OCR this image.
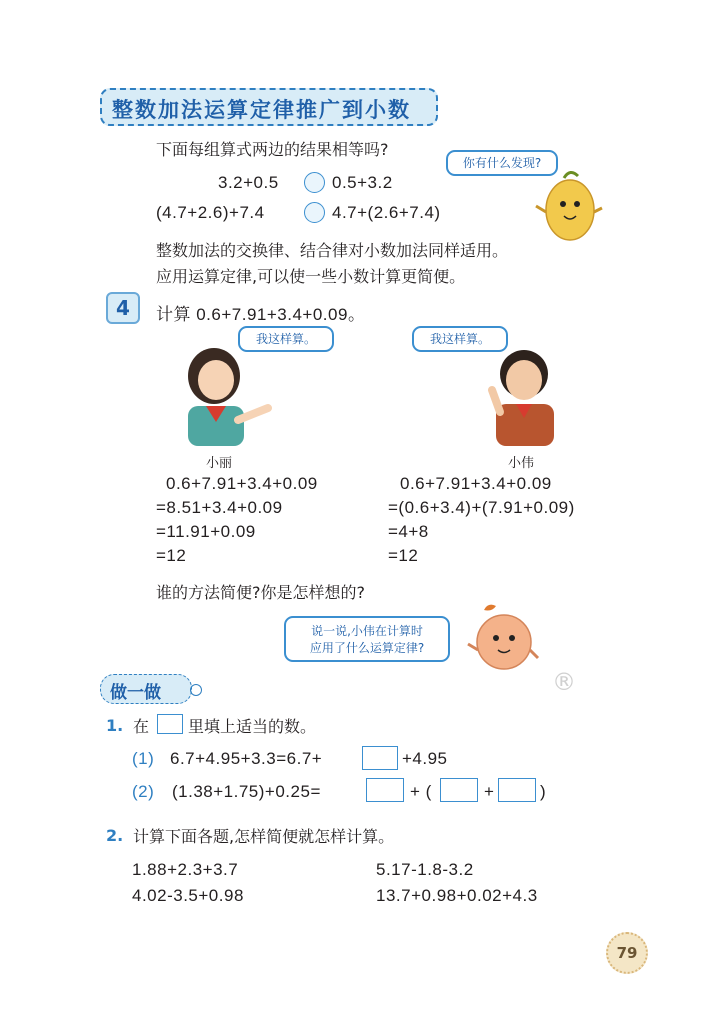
整数加法运算定律推广到小数
下面每组算式两边的结果相等吗?
你有什么发现?
3.2+0.5	0.5+3.2
(4.7+2.6)+7.4	4.7+(2.6+7.4)
整数加法的交换律、结合律对小数加法同样适用。
应用运算定律,可以使一些小数计算更简便。
4	计算 0.6+7.91+3.4+0.09。
我这样算。	我这样算。
小丽	小伟
0.6+7.91+3.4+0.09
=8.51+3.4+0.09
=11.91+0.09
=12
0.6+7.91+3.4+0.09
=(0.6+3.4)+(7.91+0.09)
=4+8
=12
谁的方法简便?你是怎样想的?
说一说,小伟在计算时
应用了什么运算定律?
®
做一做
1. 在 里填上适当的数。
(1) 6.7+4.95+3.3=6.7+	+4.95
(2) (1.38+1.75)+0.25=	+ (	+	)
2. 计算下面各题,怎样简便就怎样计算。
1.88+2.3+3.7	5.17-1.8-3.2
4.02-3.5+0.98	13.7+0.98+0.02+4.3
79
